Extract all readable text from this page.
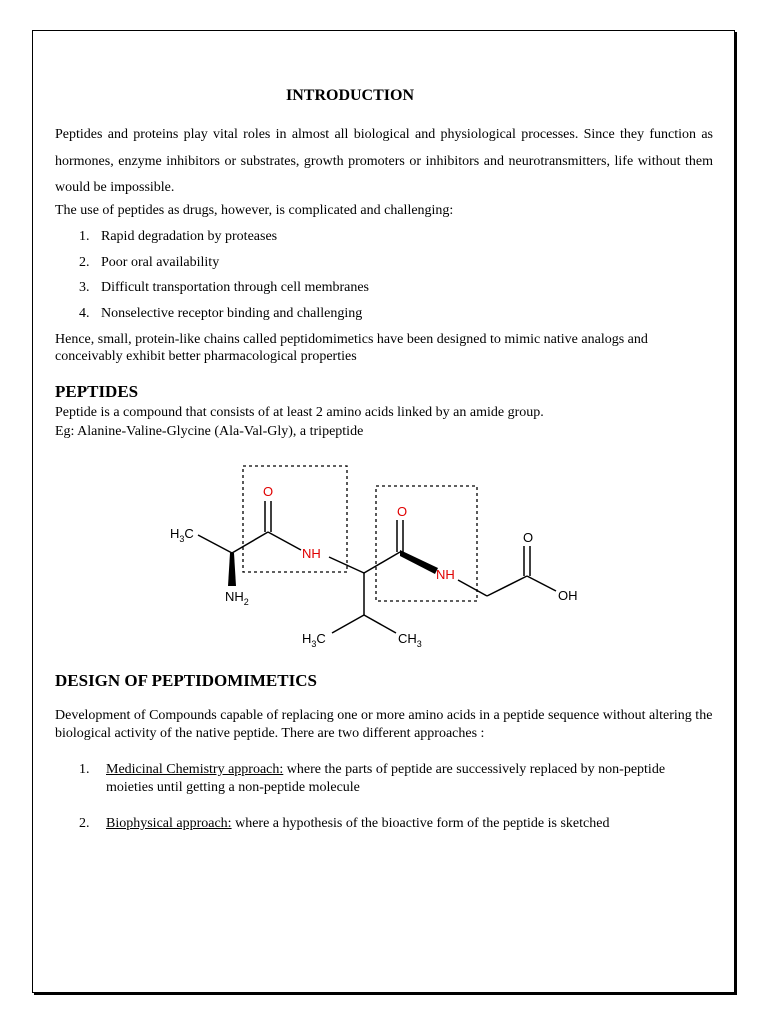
INTRODUCTION
Peptides and proteins play vital roles in almost all biological and physiological processes. Since they function as hormones, enzyme inhibitors or substrates, growth promoters or inhibitors and neurotransmitters, life without them would be impossible.
The use of peptides as drugs, however, is complicated and challenging:
1. Rapid degradation by proteases
2. Poor oral availability
3. Difficult transportation through cell membranes
4. Nonselective receptor binding and challenging
Hence, small, protein-like chains called peptidomimetics have been designed to mimic native analogs and conceivably exhibit better pharmacological properties
PEPTIDES
Peptide is a compound that consists of at least 2 amino acids linked by an amide group.
Eg: Alanine-Valine-Glycine (Ala-Val-Gly), a tripeptide
DESIGN OF PEPTIDOMIMETICS
Development of Compounds capable of replacing one or more amino acids in a peptide sequence without altering the biological activity of the native peptide. There are two different approaches :
1. Medicinal Chemistry approach: where the parts of peptide are successively replaced by non-peptide moieties until getting a non-peptide molecule
2. Biophysical approach: where a hypothesis of the bioactive form of the peptide is sketched
O
O
O
NH
NH
OH
$H_3C$
$NH_2$
$H_3C$	$CH_3$
